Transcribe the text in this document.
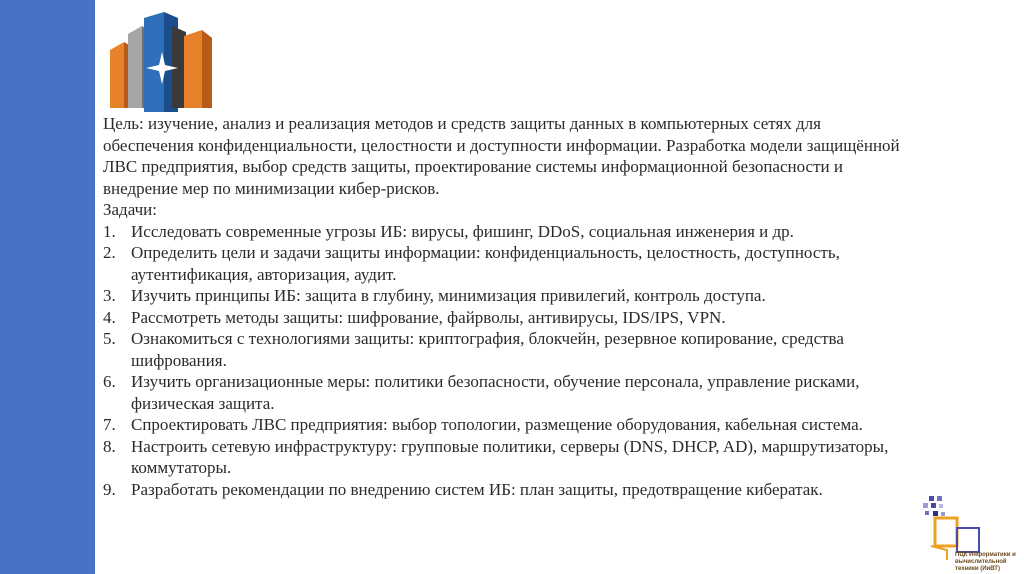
Цель: изучение, анализ и реализация методов и средств защиты данных в компьютерных сетях для обеспечения конфиденциальности, целостности и доступности информации. Разработка модели защищённой ЛВС предприятия, выбор средств защиты, проектирование системы информационной безопасности и внедрение мер по минимизации кибер-рисков.

Задачи:

1. Исследовать современные угрозы ИБ: вирусы, фишинг, DDoS, социальная инженерия и др.
2. Определить цели и задачи защиты информации: конфиденциальность, целостность, доступность, аутентификация, авторизация, аудит.
3. Изучить принципы ИБ: защита в глубину, минимизация привилегий, контроль доступа.
4. Рассмотреть методы защиты: шифрование, файрволы, антивирусы, IDS/IPS, VPN.
5. Ознакомиться с технологиями защиты: криптография, блокчейн, резервное копирование, средства шифрования.
6. Изучить организационные меры: политики безопасности, обучение персонала, управление рисками, физическая защита.
7. Спроектировать ЛВС предприятия: выбор топологии, размещение оборудования, кабельная система.
8. Настроить сетевую инфраструктуру: групповые политики, серверы (DNS, DHCP, AD), маршрутизаторы, коммутаторы.
9. Разработать рекомендации по внедрению систем ИБ: план защиты, предотвращение кибератак.
ПЦК Информатики и
вычислительной
техники (ИиВТ)
